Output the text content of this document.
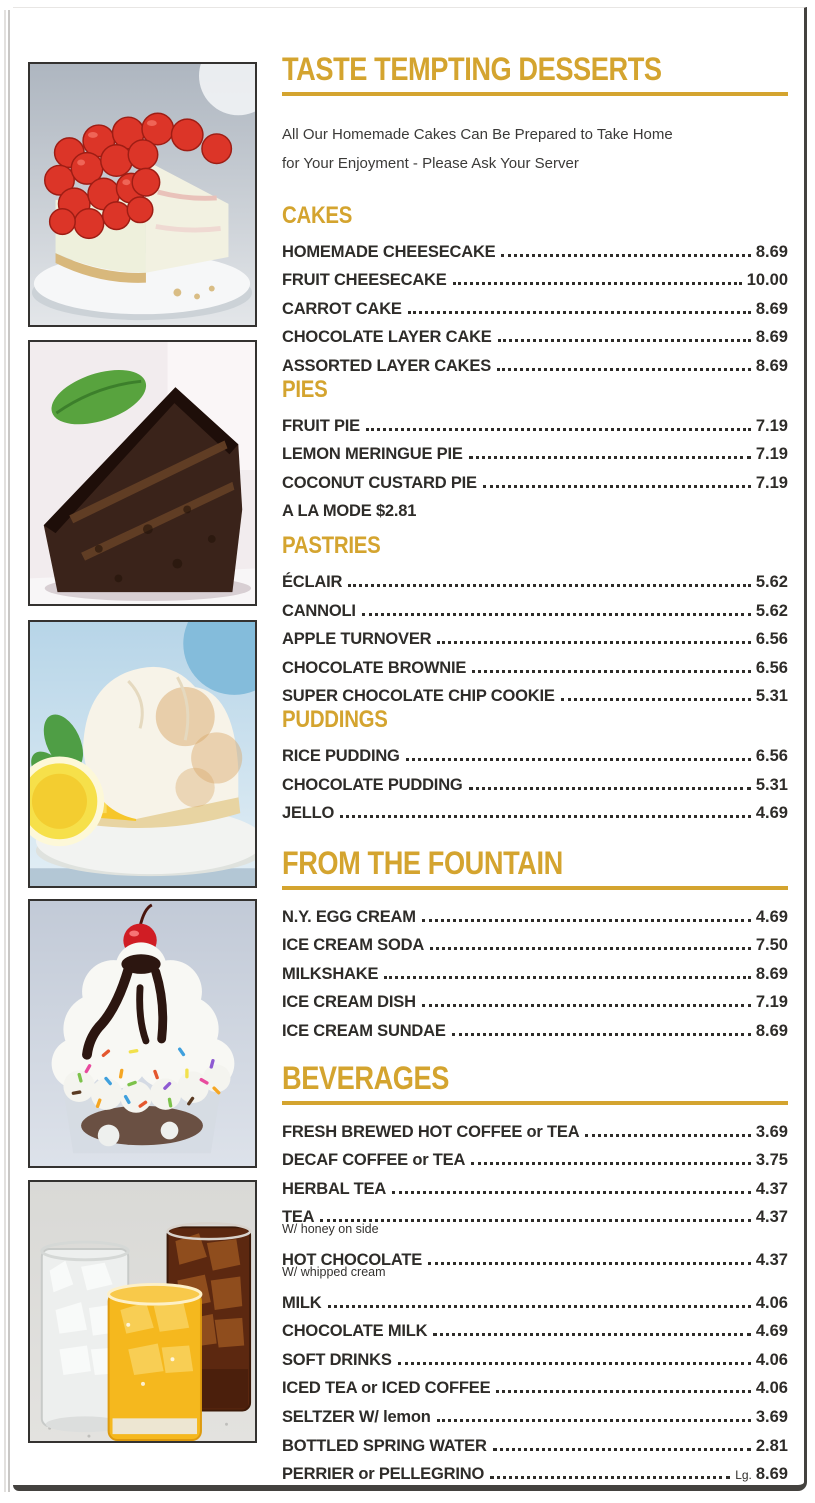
TASTE TEMPTING DESSERTS

All Our Homemade Cakes Can Be Prepared to Take Home
for Your Enjoyment - Please Ask Your Server

CAKES
HOMEMADE CHEESECAKE	8.69
FRUIT CHEESECAKE	10.00
CARROT CAKE	8.69
CHOCOLATE LAYER CAKE	8.69
ASSORTED LAYER CAKES	8.69
PIES
FRUIT PIE	7.19
LEMON MERINGUE PIE	7.19
COCONUT CUSTARD PIE	7.19
A LA MODE $2.81
PASTRIES
ÉCLAIR	5.62
CANNOLI	5.62
APPLE TURNOVER	6.56
CHOCOLATE BROWNIE	6.56
SUPER CHOCOLATE CHIP COOKIE	5.31
PUDDINGS
RICE PUDDING	6.56
CHOCOLATE PUDDING	5.31
JELLO	4.69
FROM THE FOUNTAIN
N.Y. EGG CREAM	4.69
ICE CREAM SODA	7.50
MILKSHAKE	8.69
ICE CREAM DISH	7.19
ICE CREAM SUNDAE	8.69
BEVERAGES
FRESH BREWED HOT COFFEE or TEA	3.69
DECAF COFFEE or TEA	3.75
HERBAL TEA	4.37
TEA	4.37
W/ honey on side
HOT CHOCOLATE	4.37
W/ whipped cream
MILK	4.06
CHOCOLATE MILK	4.69
SOFT DRINKS	4.06
ICED TEA or ICED COFFEE	4.06
SELTZER W/ lemon	3.69
BOTTLED SPRING WATER	2.81
PERRIER or PELLEGRINO	Lg. 8.69
